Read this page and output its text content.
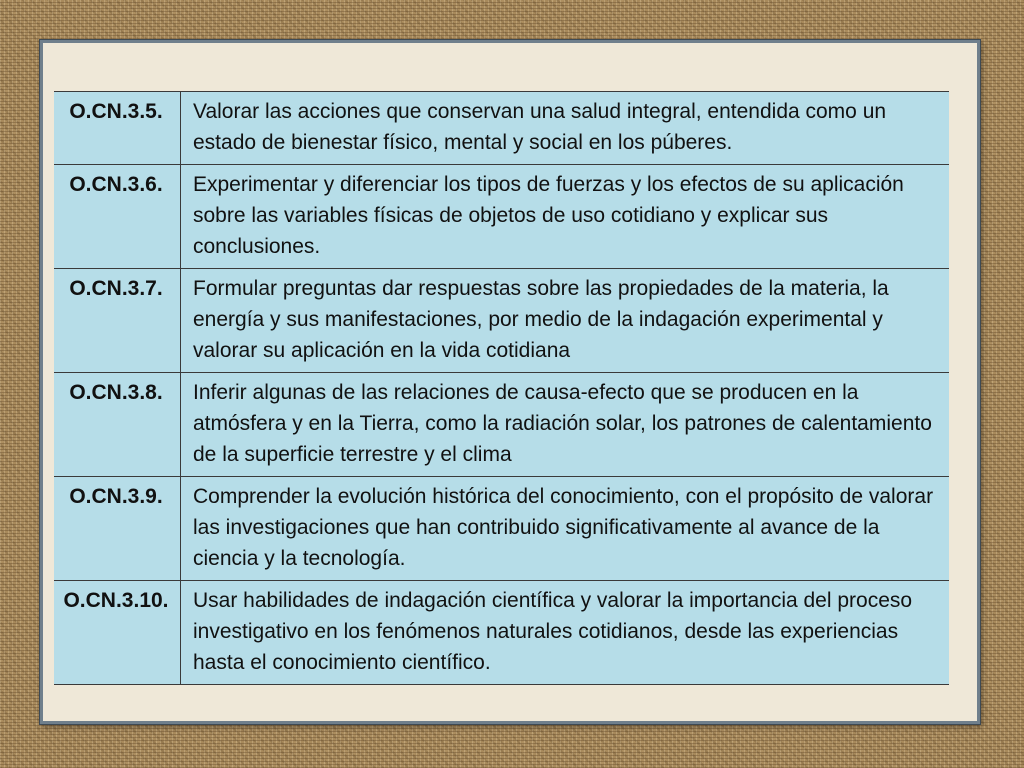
O.CN.3.5.	Valorar las acciones que conservan una salud integral, entendida como un estado de bienestar físico, mental y social en los púberes.
O.CN.3.6.	Experimentar y diferenciar los tipos de fuerzas y los efectos de su aplicación sobre las variables físicas de objetos de uso cotidiano y explicar sus conclusiones.
O.CN.3.7.	Formular preguntas dar respuestas sobre las propiedades de la materia, la energía y sus manifestaciones, por medio de la indagación experimental y valorar su aplicación en la vida cotidiana
O.CN.3.8.	Inferir algunas de las relaciones de causa-efecto que se producen en la atmósfera y en la Tierra, como la radiación solar, los patrones de calentamiento de la superficie terrestre y el clima
O.CN.3.9.	Comprender la evolución histórica del conocimiento, con el propósito de valorar las investigaciones que han contribuido significativamente al avance de la ciencia y la tecnología.
O.CN.3.10.	Usar habilidades de indagación científica y valorar la importancia del proceso investigativo en los fenómenos naturales cotidianos, desde las experiencias hasta el conocimiento científico.
